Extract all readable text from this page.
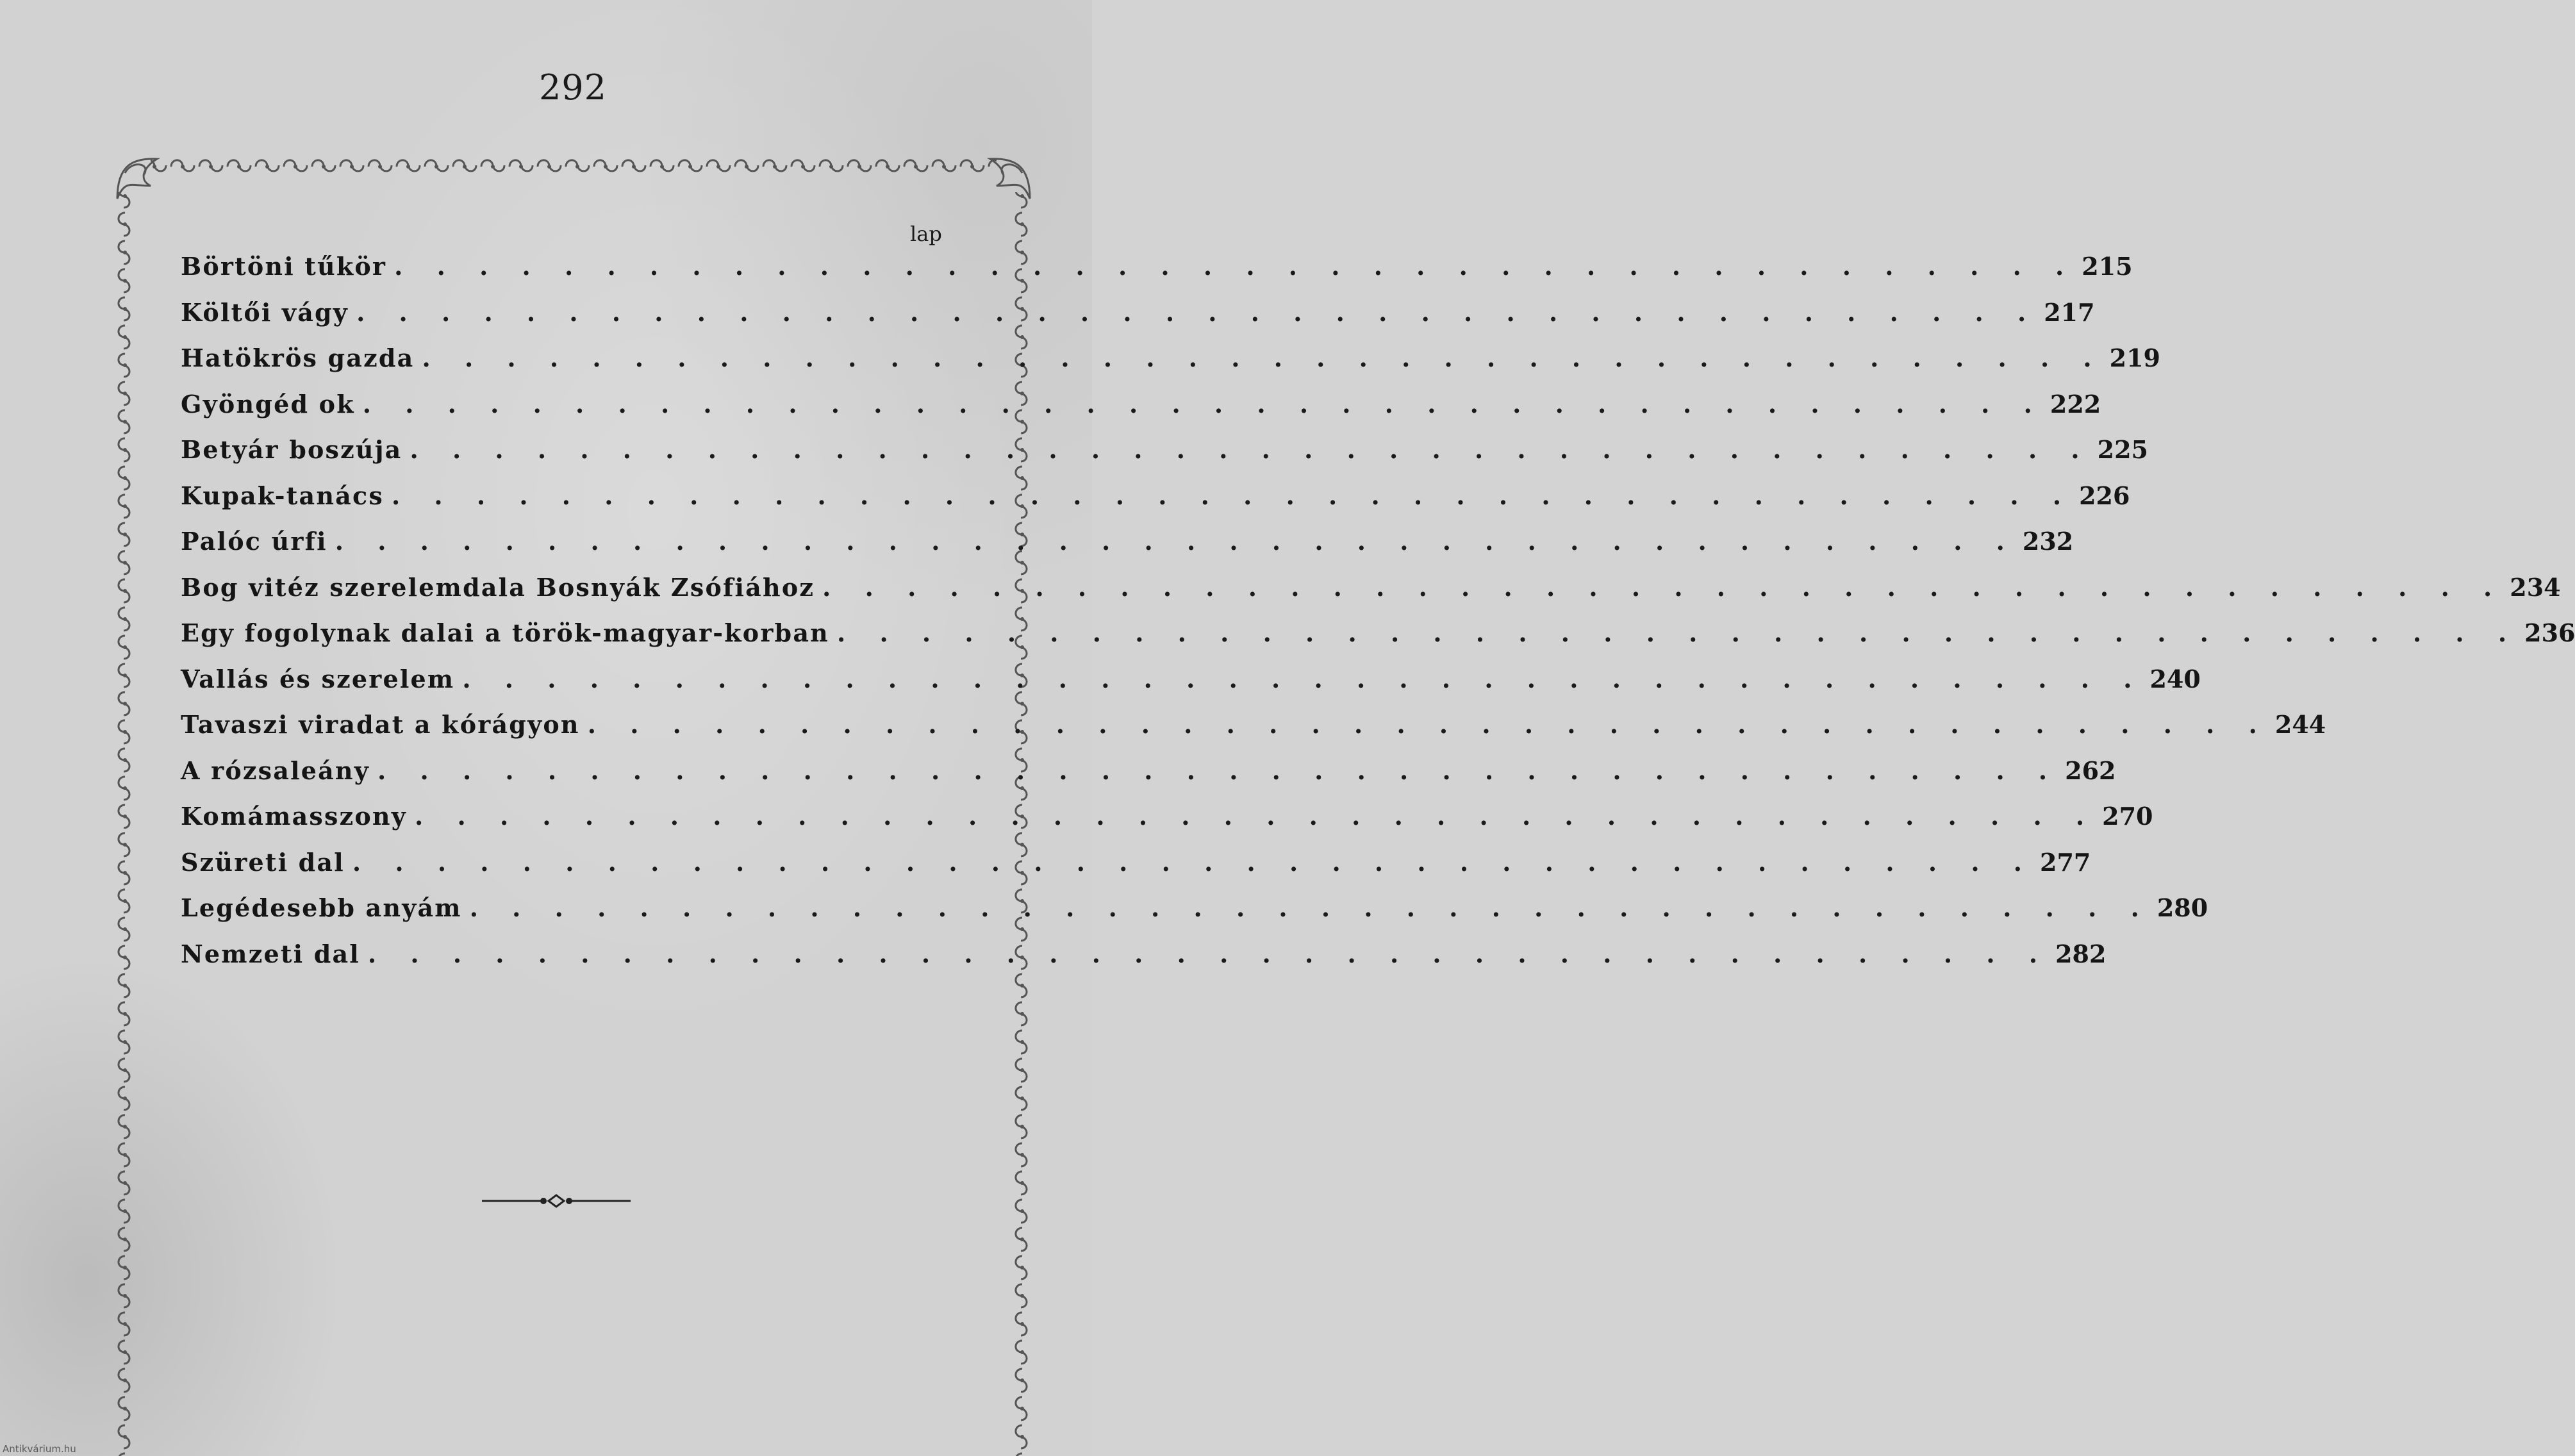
292
lap
Börtöni tűkör . . . . . . . . . . . . . . . . . . . . . . . . . . . . . . . . . . . . . . . . 215
Költői vágy . . . . . . . . . . . . . . . . . . . . . . . . . . . . . . . . . . . . . . . . 217
Hatökrös gazda . . . . . . . . . . . . . . . . . . . . . . . . . . . . . . . . . . . . . . . . 219
Gyöngéd ok . . . . . . . . . . . . . . . . . . . . . . . . . . . . . . . . . . . . . . . . 222
Betyár boszúja . . . . . . . . . . . . . . . . . . . . . . . . . . . . . . . . . . . . . . . . 225
Kupak-tanács . . . . . . . . . . . . . . . . . . . . . . . . . . . . . . . . . . . . . . . . 226
Palóc úrfi . . . . . . . . . . . . . . . . . . . . . . . . . . . . . . . . . . . . . . . . 232
Bog vitéz szerelemdala Bosnyák Zsófiához . . . . . . . . . . . . . . . . . . . . . . . . . . . . . . . . . . . . . . . . 234
Egy fogolynak dalai a török-magyar-korban . . . . . . . . . . . . . . . . . . . . . . . . . . . . . . . . . . . . . . . . 236
Vallás és szerelem . . . . . . . . . . . . . . . . . . . . . . . . . . . . . . . . . . . . . . . . 240
Tavaszi viradat a kórágyon . . . . . . . . . . . . . . . . . . . . . . . . . . . . . . . . . . . . . . . . 244
A rózsaleány . . . . . . . . . . . . . . . . . . . . . . . . . . . . . . . . . . . . . . . . 262
Komámasszony . . . . . . . . . . . . . . . . . . . . . . . . . . . . . . . . . . . . . . . . 270
Szüreti dal . . . . . . . . . . . . . . . . . . . . . . . . . . . . . . . . . . . . . . . . 277
Legédesebb anyám . . . . . . . . . . . . . . . . . . . . . . . . . . . . . . . . . . . . . . . . 280
Nemzeti dal . . . . . . . . . . . . . . . . . . . . . . . . . . . . . . . . . . . . . . . . 282
Antikvárium.hu
